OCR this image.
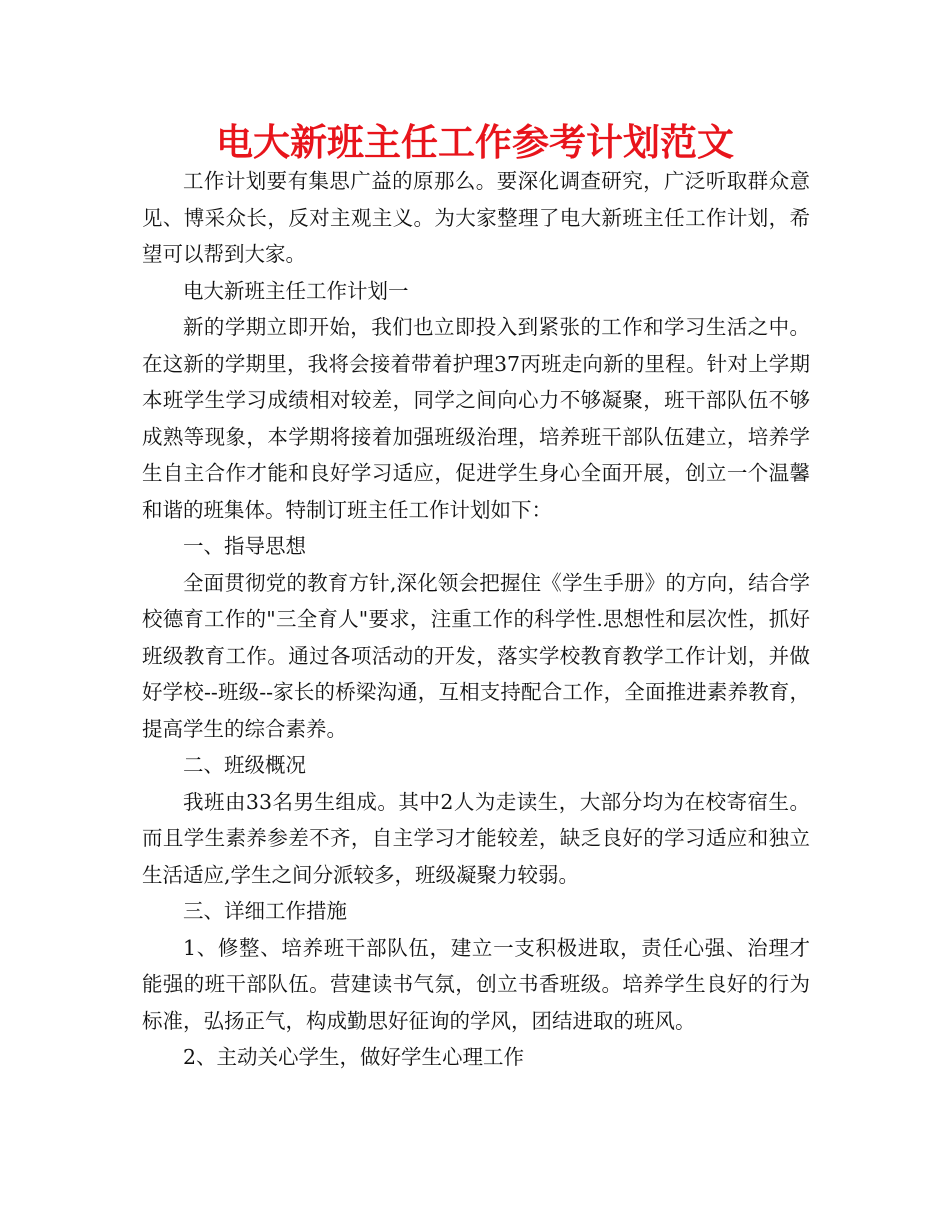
电大新班主任工作参考计划范文

工作计划要有集思广益的原那么。要深化调查研究，广泛听取群众意见、博采众长，反对主观主义。为大家整理了电大新班主任工作计划，希望可以帮到大家。

电大新班主任工作计划一

新的学期立即开始，我们也立即投入到紧张的工作和学习生活之中。在这新的学期里，我将会接着带着护理37丙班走向新的里程。针对上学期本班学生学习成绩相对较差，同学之间向心力不够凝聚，班干部队伍不够成熟等现象，本学期将接着加强班级治理，培养班干部队伍建立，培养学生自主合作才能和良好学习适应，促进学生身心全面开展，创立一个温馨和谐的班集体。特制订班主任工作计划如下：

一、指导思想

全面贯彻党的教育方针,深化领会把握住《学生手册》的方向，结合学校德育工作的"三全育人"要求，注重工作的科学性.思想性和层次性，抓好班级教育工作。通过各项活动的开发，落实学校教育教学工作计划，并做好学校--班级--家长的桥梁沟通，互相支持配合工作，全面推进素养教育，提高学生的综合素养。

二、班级概况

我班由33名男生组成。其中2人为走读生，大部分均为在校寄宿生。而且学生素养参差不齐，自主学习才能较差，缺乏良好的学习适应和独立生活适应,学生之间分派较多，班级凝聚力较弱。

三、详细工作措施

1、修整、培养班干部队伍，建立一支积极进取，责任心强、治理才能强的班干部队伍。营建读书气氛，创立书香班级。培养学生良好的行为标准，弘扬正气，构成勤思好征询的学风，团结进取的班风。

2、主动关心学生，做好学生心理工作
